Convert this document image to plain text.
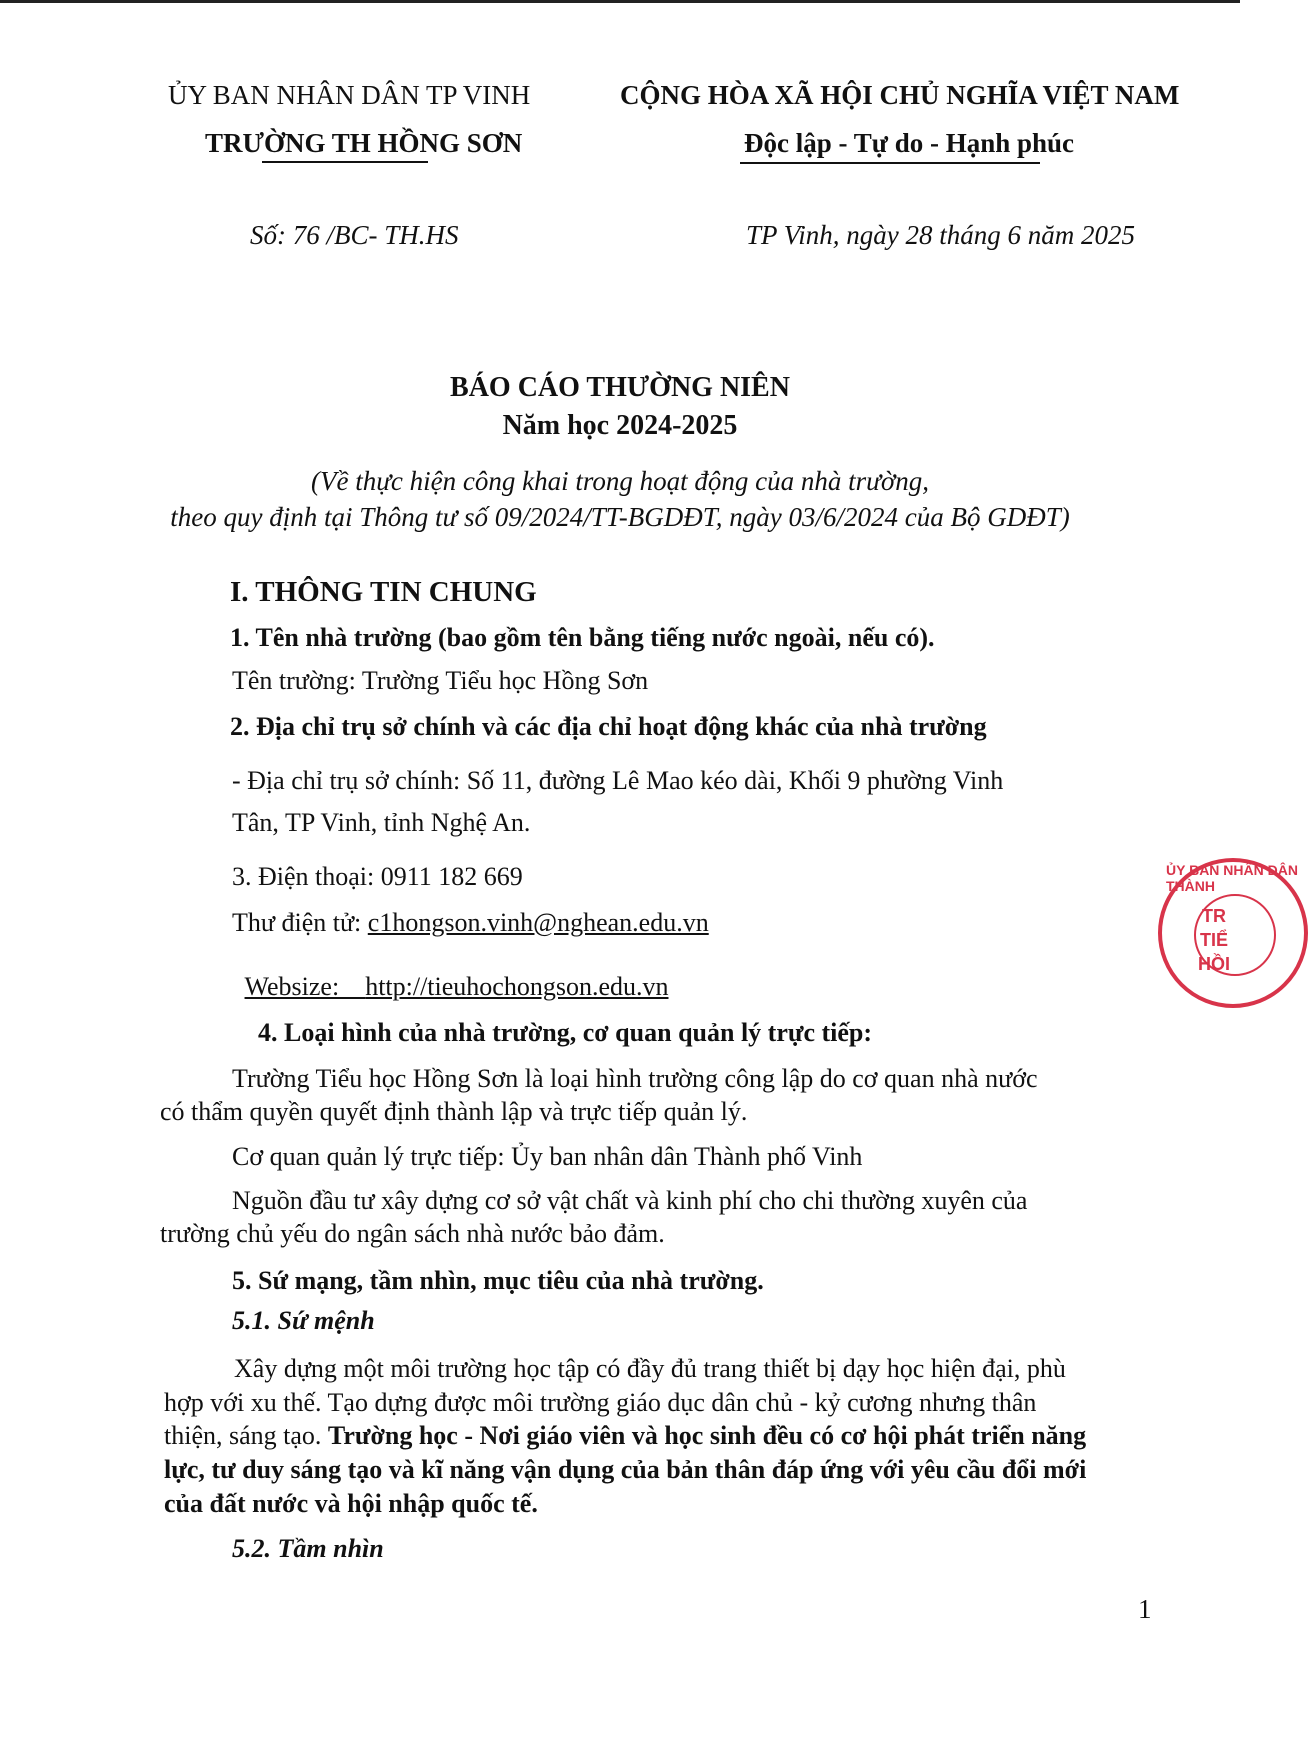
ỦY BAN NHÂN DÂN TP VINH
TRƯỜNG TH HỒNG SƠN
CỘNG HÒA XÃ HỘI CHỦ NGHĨA VIỆT NAM
Độc lập - Tự do - Hạnh phúc
Số: 76 /BC- TH.HS	TP Vinh, ngày 28 tháng 6 năm 2025
BÁO CÁO THƯỜNG NIÊN
Năm học 2024-2025
(Về thực hiện công khai trong hoạt động của nhà trường,
theo quy định tại Thông tư số 09/2024/TT-BGDĐT, ngày 03/6/2024 của Bộ GDĐT)
I. THÔNG TIN CHUNG
1. Tên nhà trường (bao gồm tên bằng tiếng nước ngoài, nếu có).
Tên trường: Trường Tiểu học Hồng Sơn
2. Địa chỉ trụ sở chính và các địa chỉ hoạt động khác của nhà trường
- Địa chỉ trụ sở chính: Số 11, đường Lê Mao kéo dài, Khối 9 phường Vinh
Tân, TP Vinh, tỉnh Nghệ An.
3. Điện thoại: 0911 182 669
Thư điện tử: c1hongson.vinh@nghean.edu.vn

Websize:    http://tieuhochongson.edu.vn

4. Loại hình của nhà trường, cơ quan quản lý trực tiếp:
Trường Tiểu học Hồng Sơn là loại hình trường công lập do cơ quan nhà nước
có thẩm quyền quyết định thành lập và trực tiếp quản lý.
Cơ quan quản lý trực tiếp: Ủy ban nhân dân Thành phố Vinh
Nguồn đầu tư xây dựng cơ sở vật chất và kinh phí cho chi thường xuyên của
trường chủ yếu do ngân sách nhà nước bảo đảm.
5. Sứ mạng, tầm nhìn, mục tiêu của nhà trường.
5.1. Sứ mệnh
Xây dựng một môi trường học tập có đầy đủ trang thiết bị dạy học hiện đại, phù
hợp với xu thế. Tạo dựng được môi trường giáo dục dân chủ - kỷ cương nhưng thân
thiện, sáng tạo. Trường học - Nơi giáo viên và học sinh đều có cơ hội phát triển năng
lực, tư duy sáng tạo và kĩ năng vận dụng của bản thân đáp ứng với yêu cầu đổi mới
của đất nước và hội nhập quốc tế.
5.2. Tầm nhìn
ỦY BAN NHÂN DÂN THÀNH
TR
TIỂ
HỒI
1
